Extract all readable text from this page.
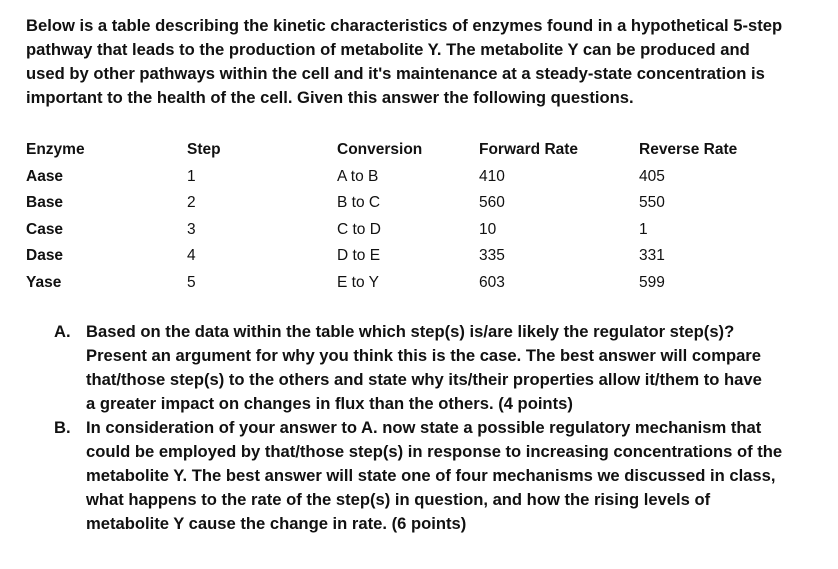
Below is a table describing the kinetic characteristics of enzymes found in a hypothetical 5-step
pathway that leads to the production of metabolite Y. The metabolite Y can be produced and
used by other pathways within the cell and it's maintenance at a steady-state concentration is
important to the health of the cell. Given this answer the following questions.
Enzyme	Step	Conversion	Forward Rate	Reverse Rate
Aase	1	A to B	410	405
Base	2	B to C	560	550
Case	3	C to D	10	1
Dase	4	D to E	335	331
Yase	5	E to Y	603	599
A. Based on the data within the table which step(s) is/are likely the regulator step(s)?
Present an argument for why you think this is the case. The best answer will compare
that/those step(s) to the others and state why its/their properties allow it/them to have
a greater impact on changes in flux than the others. (4 points)
B. In consideration of your answer to A. now state a possible regulatory mechanism that
could be employed by that/those step(s) in response to increasing concentrations of the
metabolite Y. The best answer will state one of four mechanisms we discussed in class,
what happens to the rate of the step(s) in question, and how the rising levels of
metabolite Y cause the change in rate. (6 points)
